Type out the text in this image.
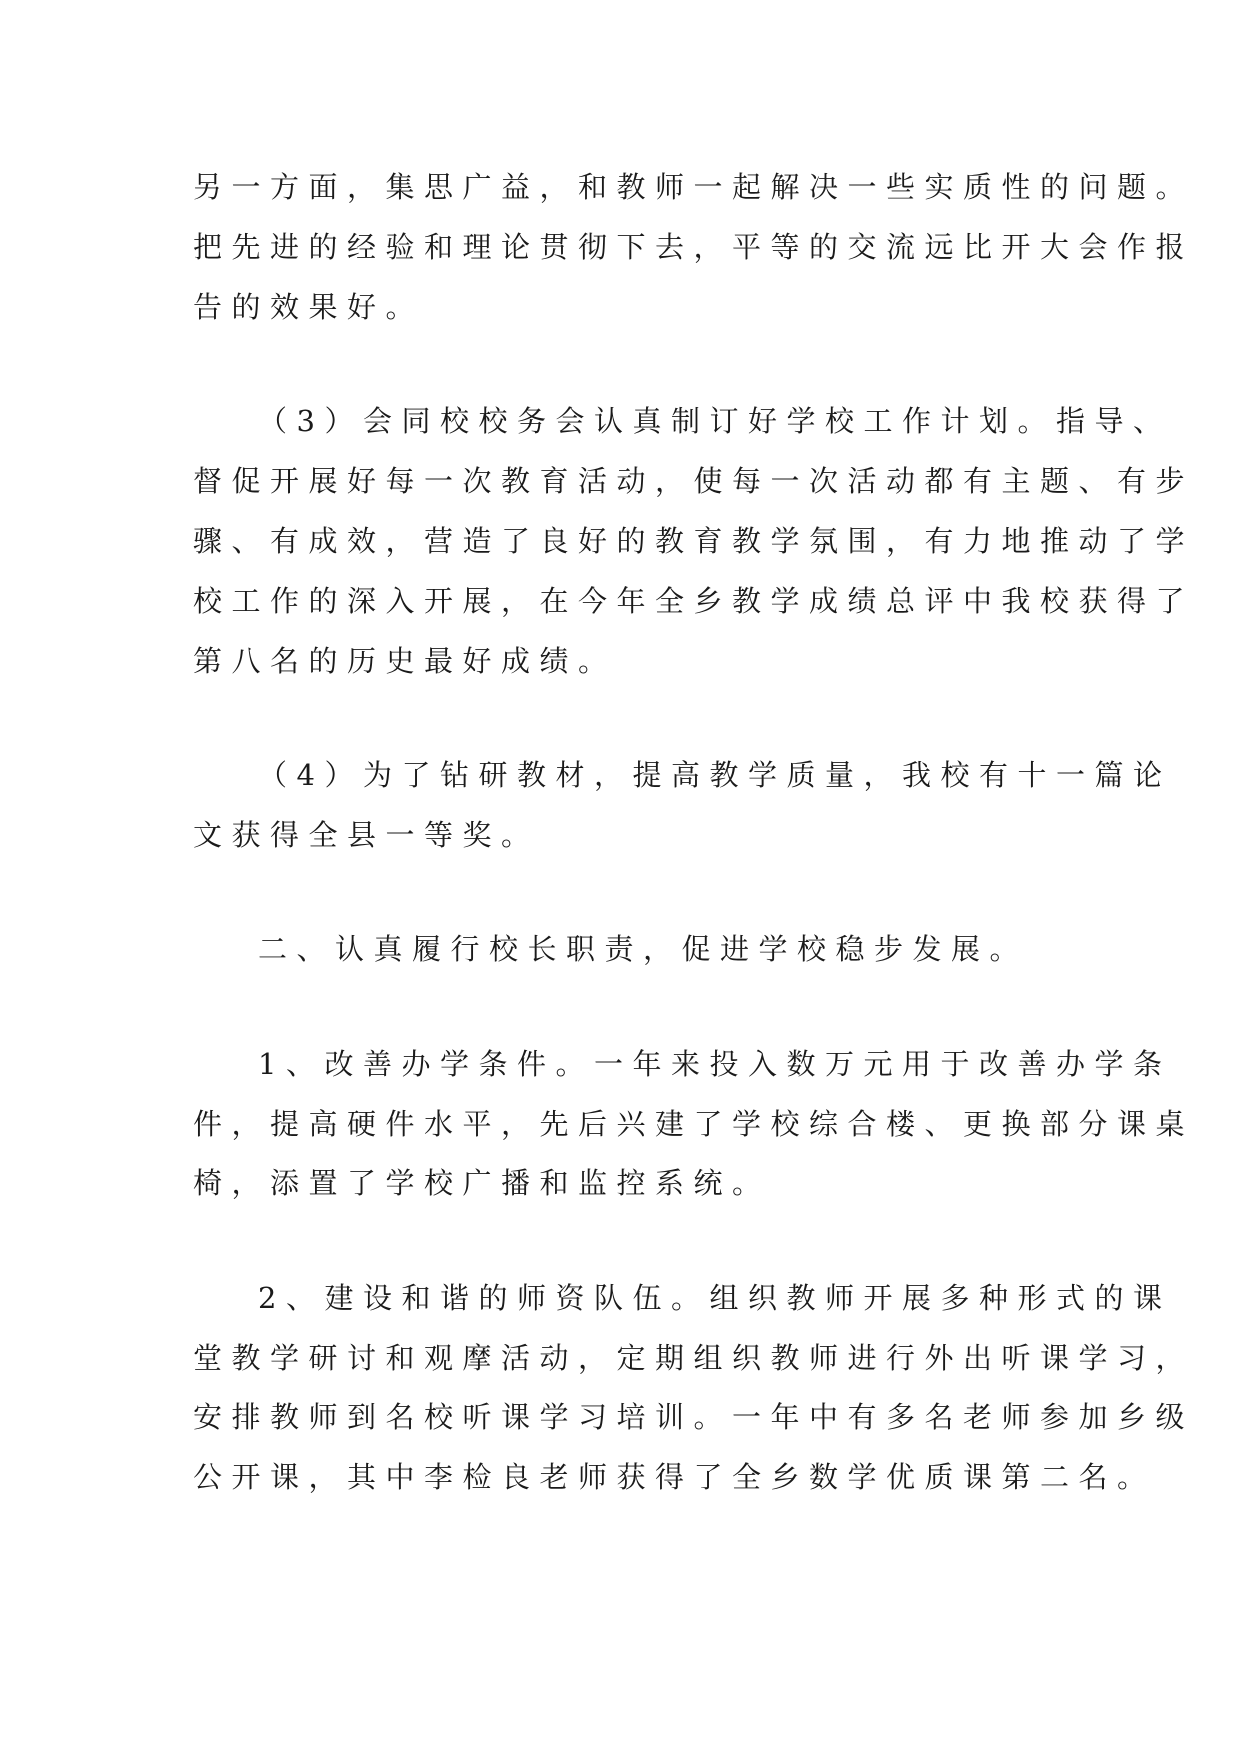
另一方面，集思广益，和教师一起解决一些实质性的问题。
把先进的经验和理论贯彻下去，平等的交流远比开大会作报
告的效果好。
（3）会同校校务会认真制订好学校工作计划。指导、
督促开展好每一次教育活动，使每一次活动都有主题、有步
骤、有成效，营造了良好的教育教学氛围，有力地推动了学
校工作的深入开展，在今年全乡教学成绩总评中我校获得了
第八名的历史最好成绩。
（4）为了钻研教材，提高教学质量，我校有十一篇论
文获得全县一等奖。
二、认真履行校长职责，促进学校稳步发展。
1、改善办学条件。一年来投入数万元用于改善办学条
件，提高硬件水平，先后兴建了学校综合楼、更换部分课桌
椅，添置了学校广播和监控系统。
2、建设和谐的师资队伍。组织教师开展多种形式的课
堂教学研讨和观摩活动，定期组织教师进行外出听课学习，
安排教师到名校听课学习培训。一年中有多名老师参加乡级
公开课，其中李检良老师获得了全乡数学优质课第二名。
